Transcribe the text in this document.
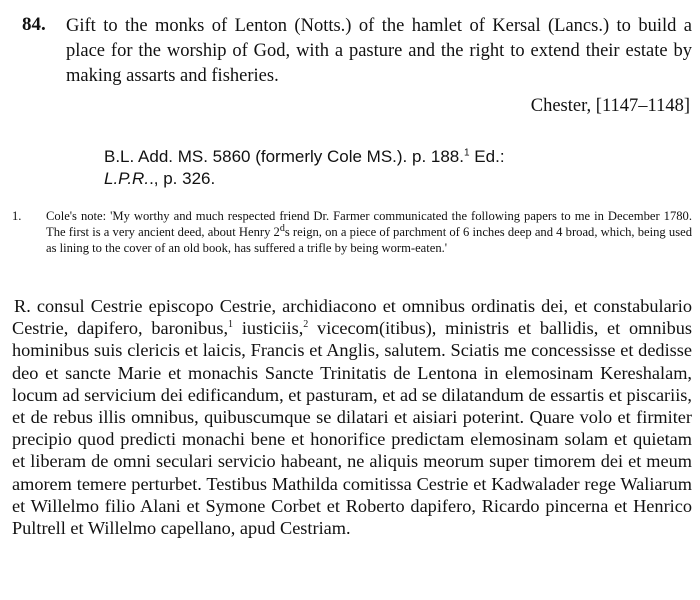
84. Gift to the monks of Lenton (Notts.) of the hamlet of Kersal (Lancs.) to build a place for the worship of God, with a pasture and the right to extend their estate by making assarts and fisheries.
Chester, [1147–1148]
B.L. Add. MS. 5860 (formerly Cole MS.). p. 188.$^1$ Ed.:
L.P.R.., p. 326.
1. Cole's note: 'My worthy and much respected friend Dr. Farmer communicated the following papers to me in December 1780. The first is a very ancient deed, about Henry 2$^d$s reign, on a piece of parchment of 6 inches deep and 4 broad, which, being used as lining to the cover of an old book, has suffered a trifle by being worm-eaten.'
R. consul Cestrie episcopo Cestrie, archidiacono et omnibus ordinatis dei, et constabulario Cestrie, dapifero, baronibus,$^1$ iusticiis,$^2$ vicecom(itibus), ministris et ballidis, et omnibus hominibus suis clericis et laicis, Francis et Anglis, salutem. Sciatis me concessisse et dedisse deo et sancte Marie et monachis Sancte Trinitatis de Lentona in elemosinam Kereshalam, locum ad servicium dei edificandum, et pasturam, et ad se dilatandum de essartis et piscariis, et de rebus illis omnibus, quibuscumque se dilatari et aisiari poterint. Quare volo et firmiter precipio quod predicti monachi bene et honorifice predictam elemosinam solam et quietam et liberam de omni seculari servicio habeant, ne aliquis meorum super timorem dei et meum amorem temere perturbet. Testibus Mathilda comitissa Cestrie et Kadwalader rege Waliarum et Willelmo filio Alani et Symone Corbet et Roberto dapifero, Ricardo pincerna et Henrico Pultrell et Willelmo capellano, apud Cestriam.
